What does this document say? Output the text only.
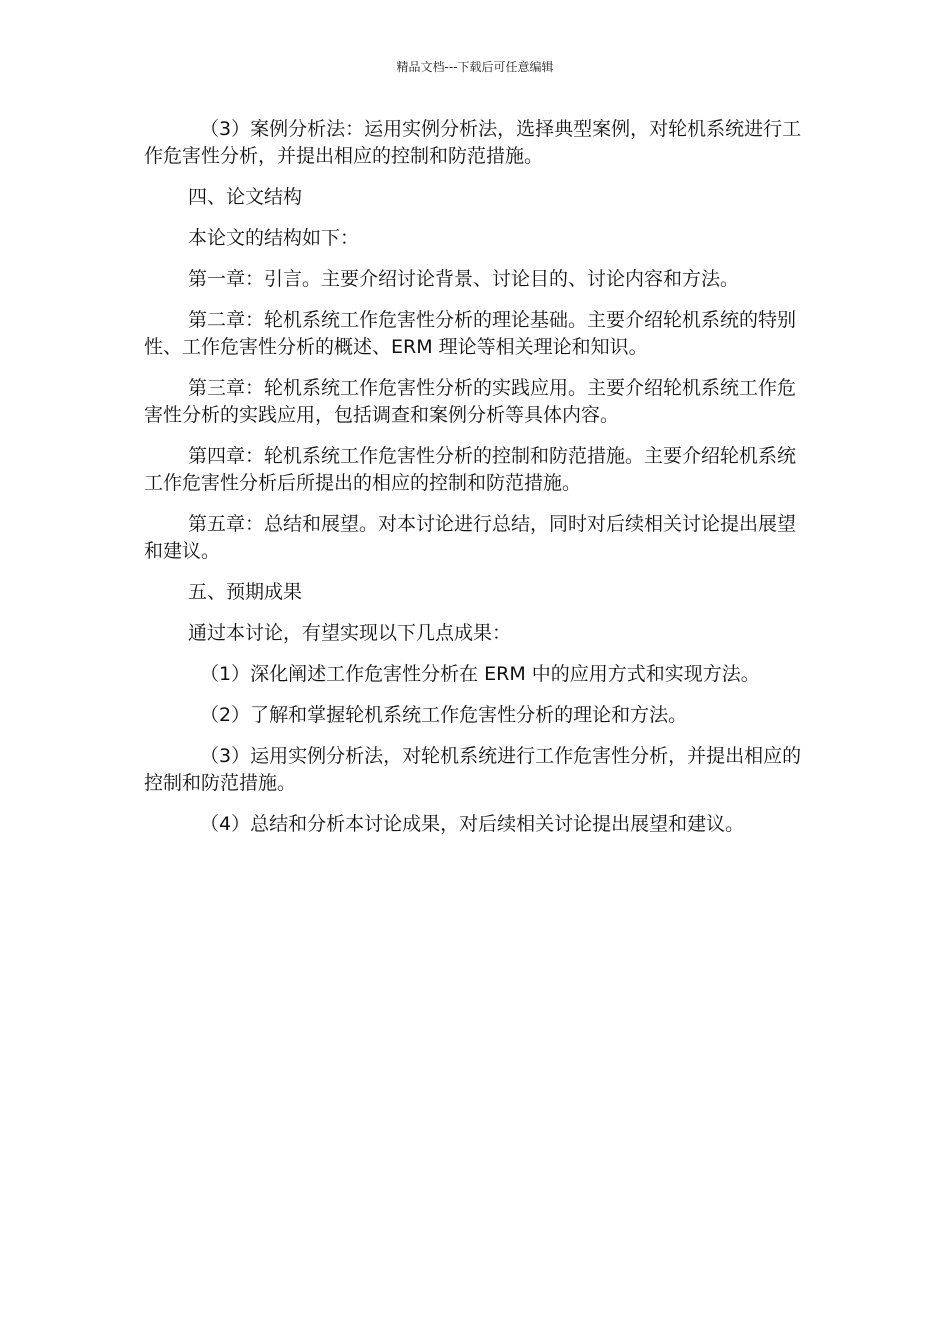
精品文档---下载后可任意编辑

（3）案例分析法：运用实例分析法，选择典型案例，对轮机系统进行工作危害性分析，并提出相应的控制和防范措施。

四、论文结构

本论文的结构如下：

第一章：引言。主要介绍讨论背景、讨论目的、讨论内容和方法。

第二章：轮机系统工作危害性分析的理论基础。主要介绍轮机系统的特别性、工作危害性分析的概述、ERM 理论等相关理论和知识。

第三章：轮机系统工作危害性分析的实践应用。主要介绍轮机系统工作危害性分析的实践应用，包括调查和案例分析等具体内容。

第四章：轮机系统工作危害性分析的控制和防范措施。主要介绍轮机系统工作危害性分析后所提出的相应的控制和防范措施。

第五章：总结和展望。对本讨论进行总结，同时对后续相关讨论提出展望和建议。

五、预期成果

通过本讨论，有望实现以下几点成果：

（1）深化阐述工作危害性分析在 ERM 中的应用方式和实现方法。

（2）了解和掌握轮机系统工作危害性分析的理论和方法。

（3）运用实例分析法，对轮机系统进行工作危害性分析，并提出相应的控制和防范措施。

（4）总结和分析本讨论成果，对后续相关讨论提出展望和建议。
